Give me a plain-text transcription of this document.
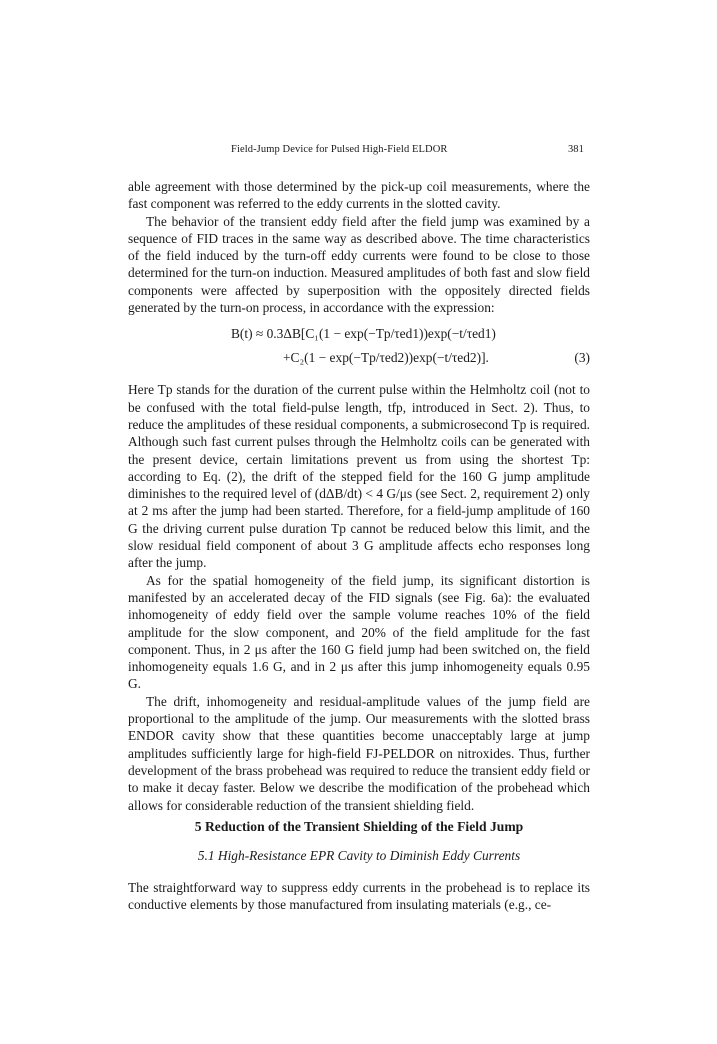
Field-Jump Device for Pulsed High-Field ELDOR	381

able agreement with those determined by the pick-up coil measurements, where the fast component was referred to the eddy currents in the slotted cavity.

The behavior of the transient eddy field after the field jump was examined by a sequence of FID traces in the same way as described above. The time characteristics of the field induced by the turn-off eddy currents were found to be close to those determined for the turn-on induction. Measured amplitudes of both fast and slow field components were affected by superposition with the oppositely directed fields generated by the turn-on process, in accordance with the expression:

B(t) ≈ 0.3ΔB[C₁(1 − exp(−Tp/τed1))exp(−t/τed1)
+C₂(1 − exp(−Tp/τed2))exp(−t/τed2)].	(3)

Here Tp stands for the duration of the current pulse within the Helmholtz coil (not to be confused with the total field-pulse length, tfp, introduced in Sect. 2). Thus, to reduce the amplitudes of these residual components, a submicrosecond Tp is required. Although such fast current pulses through the Helmholtz coils can be generated with the present device, certain limitations prevent us from using the shortest Tp: according to Eq. (2), the drift of the stepped field for the 160 G jump amplitude diminishes to the required level of (dΔB/dt) < 4 G/μs (see Sect. 2, requirement 2) only at 2 ms after the jump had been started. Therefore, for a field-jump amplitude of 160 G the driving current pulse duration Tp cannot be reduced below this limit, and the slow residual field component of about 3 G amplitude affects echo responses long after the jump.

As for the spatial homogeneity of the field jump, its significant distortion is manifested by an accelerated decay of the FID signals (see Fig. 6a): the evaluated inhomogeneity of eddy field over the sample volume reaches 10% of the field amplitude for the slow component, and 20% of the field amplitude for the fast component. Thus, in 2 μs after the 160 G field jump had been switched on, the field inhomogeneity equals 1.6 G, and in 2 μs after this jump inhomogeneity equals 0.95 G.

The drift, inhomogeneity and residual-amplitude values of the jump field are proportional to the amplitude of the jump. Our measurements with the slotted brass ENDOR cavity show that these quantities become unacceptably large at jump amplitudes sufficiently large for high-field FJ-PELDOR on nitroxides. Thus, further development of the brass probehead was required to reduce the transient eddy field or to make it decay faster. Below we describe the modification of the probehead which allows for considerable reduction of the transient shielding field.

5 Reduction of the Transient Shielding of the Field Jump
5.1 High-Resistance EPR Cavity to Diminish Eddy Currents

The straightforward way to suppress eddy currents in the probehead is to replace its conductive elements by those manufactured from insulating materials (e.g., ce-
